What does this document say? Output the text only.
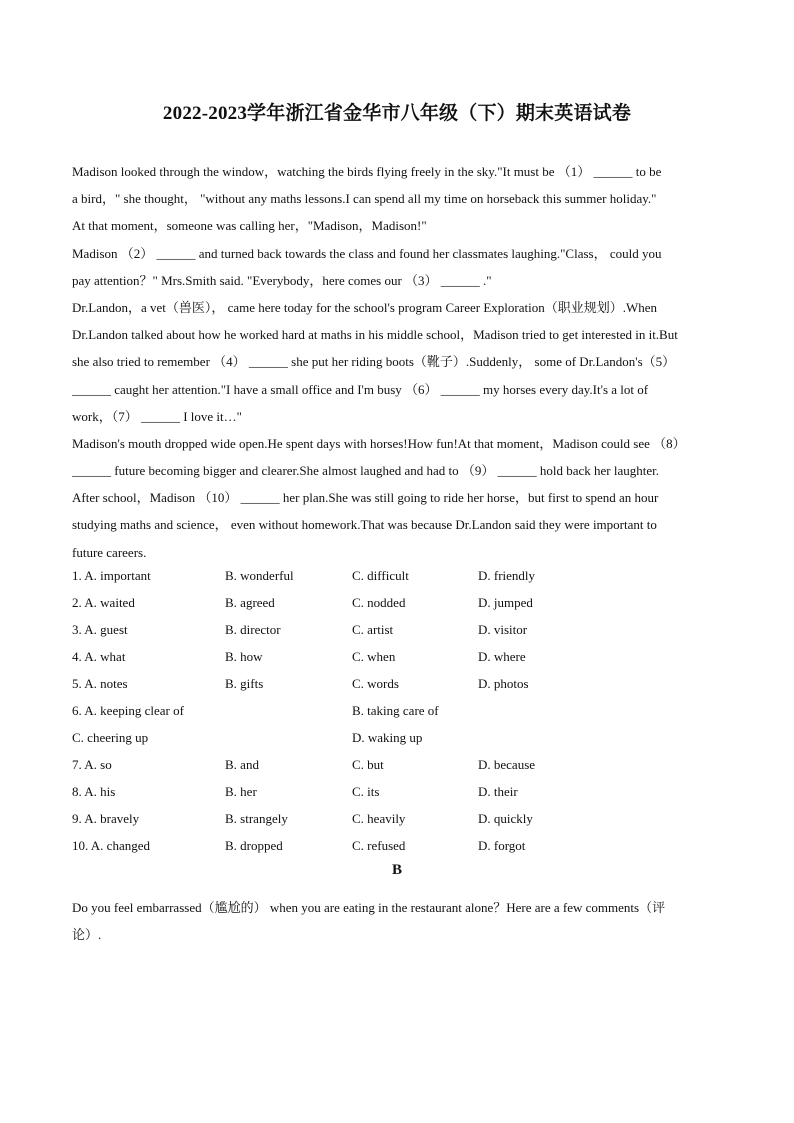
2022-2023学年浙江省金华市八年级（下）期末英语试卷
Madison looked through the window，watching the birds flying freely in the sky."It must be （1） ______ to be
a bird，" she thought， "without any maths lessons.I can spend all my time on horseback this summer holiday."
At that moment，someone was calling her，"Madison，Madison!"
Madison （2） ______ and turned back towards the class and found her classmates laughing."Class， could you
pay attention？" Mrs.Smith said. "Everybody，here comes our （3） ______ ."
Dr.Landon，a vet（兽医）， came here today for the school's program Career Exploration（职业规划）.When
Dr.Landon talked about how he worked hard at maths in his middle school，Madison tried to get interested in it.But
she also tried to remember （4） ______ she put her riding boots（靴子）.Suddenly， some of Dr.Landon's（5）
______ caught her attention."I have a small office and I'm busy （6） ______ my horses every day.It's a lot of
work，（7） ______ I love it…"
Madison's mouth dropped wide open.He spent days with horses!How fun!At that moment，Madison could see （8）
______ future becoming bigger and clearer.She almost laughed and had to （9） ______ hold back her laughter.
After school，Madison （10） ______ her plan.She was still going to ride her horse，but first to spend an hour
studying maths and science， even without homework.That was because Dr.Landon said they were important to
future careers.
1. A. important	B. wonderful	C. difficult	D. friendly
2. A. waited	B. agreed	C. nodded	D. jumped
3. A. guest	B. director	C. artist	D. visitor
4. A. what	B. how	C. when	D. where
5. A. notes	B. gifts	C. words	D. photos
6. A. keeping clear of	B. taking care of
C. cheering up	D. waking up
7. A. so	B. and	C. but	D. because
8. A. his	B. her	C. its	D. their
9. A. bravely	B. strangely	C. heavily	D. quickly
10. A. changed	B. dropped	C. refused	D. forgot
B
Do you feel embarrassed（尴尬的） when you are eating in the restaurant alone？Here are a few comments（评
论）.
